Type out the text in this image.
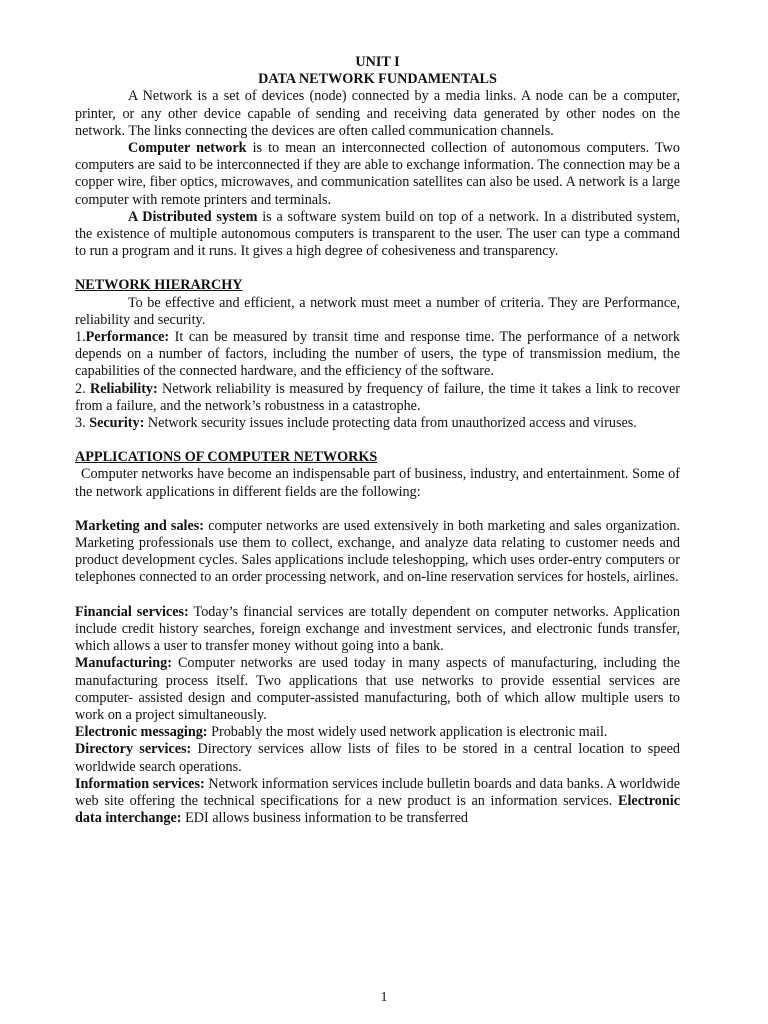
UNIT I

DATA NETWORK FUNDAMENTALS

A Network is a set of devices (node) connected by a media links. A node can be a computer, printer, or any other device capable of sending and receiving data generated by other nodes on the network. The links connecting the devices are often called communication channels.

Computer network is to mean an interconnected collection of autonomous computers. Two computers are said to be interconnected if they are able to exchange information. The connection may be a copper wire, fiber optics, microwaves, and communication satellites can also be used. A network is a large computer with remote printers and terminals.

A Distributed system is a software system build on top of a network. In a distributed system, the existence of multiple autonomous computers is transparent to the user. The user can type a command to run a program and it runs. It gives a high degree of cohesiveness and transparency.

NETWORK HIERARCHY

To be effective and efficient, a network must meet a number of criteria. They are Performance, reliability and security.

1.Performance: It can be measured by transit time and response time. The performance of a network depends on a number of factors, including the number of users, the type of transmission medium, the capabilities of the connected hardware, and the efficiency of the software.

2. Reliability: Network reliability is measured by frequency of failure, the time it takes a link to recover from a failure, and the network’s robustness in a catastrophe.

3. Security: Network security issues include protecting data from unauthorized access and viruses.

APPLICATIONS OF COMPUTER NETWORKS

Computer networks have become an indispensable part of business, industry, and entertainment. Some of the network applications in different fields are the following:

Marketing and sales: computer networks are used extensively in both marketing and sales organization. Marketing professionals use them to collect, exchange, and analyze data relating to customer needs and product development cycles. Sales applications include teleshopping, which uses order-entry computers or telephones connected to an order processing network, and on-line reservation services for hostels, airlines.

Financial services: Today’s financial services are totally dependent on computer networks. Application include credit history searches, foreign exchange and investment services, and electronic funds transfer, which allows a user to transfer money without going into a bank.

Manufacturing: Computer networks are used today in many aspects of manufacturing, including the manufacturing process itself. Two applications that use networks to provide essential services are computer- assisted design and computer-assisted manufacturing, both of which allow multiple users to work on a project simultaneously.

Electronic messaging: Probably the most widely used network application is electronic mail.

Directory services: Directory services allow lists of files to be stored in a central location to speed worldwide search operations.

Information services: Network information services include bulletin boards and data banks. A worldwide web site offering the technical specifications for a new product is an information services. Electronic data interchange: EDI allows business information to be transferred

1
